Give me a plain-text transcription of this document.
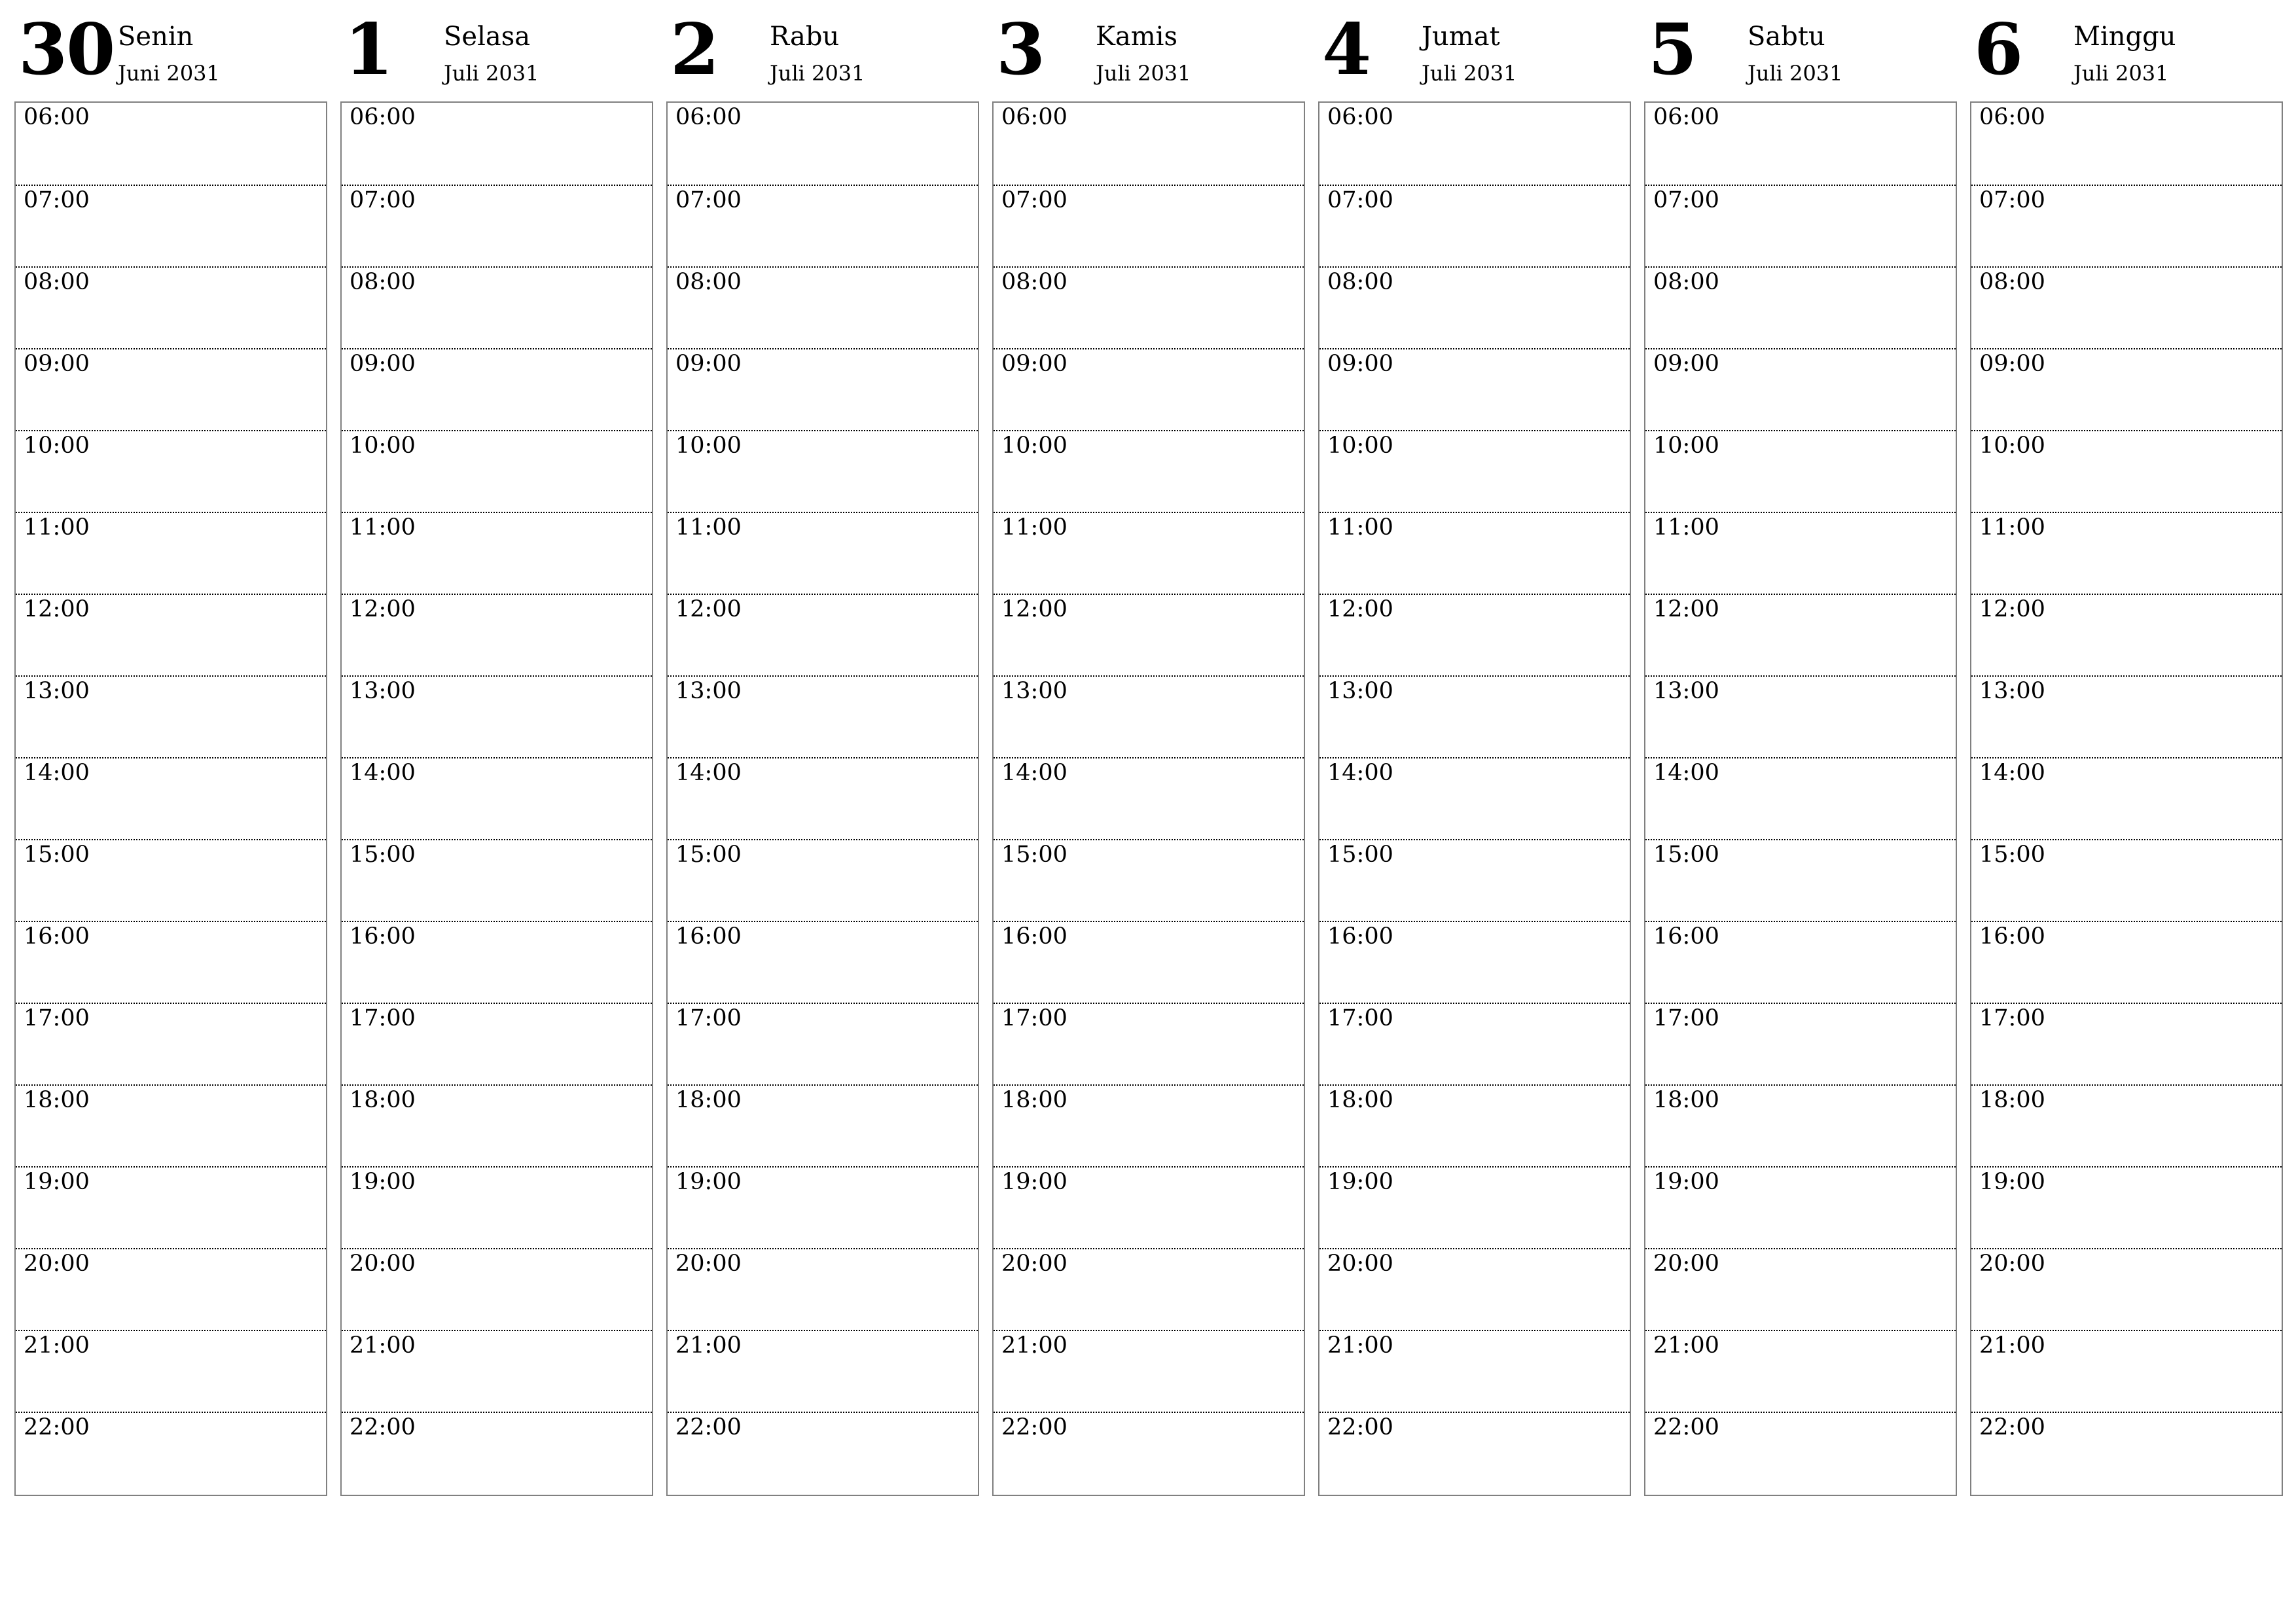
30 Senin
Juni 2031
06:00
07:00
08:00
09:00
10:00
11:00
12:00
13:00
14:00
15:00
16:00
17:00
18:00
19:00
20:00
21:00
22:00
1 Selasa
Juli 2031
06:00
07:00
08:00
09:00
10:00
11:00
12:00
13:00
14:00
15:00
16:00
17:00
18:00
19:00
20:00
21:00
22:00
2 Rabu
Juli 2031
06:00
07:00
08:00
09:00
10:00
11:00
12:00
13:00
14:00
15:00
16:00
17:00
18:00
19:00
20:00
21:00
22:00
3 Kamis
Juli 2031
06:00
07:00
08:00
09:00
10:00
11:00
12:00
13:00
14:00
15:00
16:00
17:00
18:00
19:00
20:00
21:00
22:00
4 Jumat
Juli 2031
06:00
07:00
08:00
09:00
10:00
11:00
12:00
13:00
14:00
15:00
16:00
17:00
18:00
19:00
20:00
21:00
22:00
5 Sabtu
Juli 2031
06:00
07:00
08:00
09:00
10:00
11:00
12:00
13:00
14:00
15:00
16:00
17:00
18:00
19:00
20:00
21:00
22:00
6 Minggu
Juli 2031
06:00
07:00
08:00
09:00
10:00
11:00
12:00
13:00
14:00
15:00
16:00
17:00
18:00
19:00
20:00
21:00
22:00
